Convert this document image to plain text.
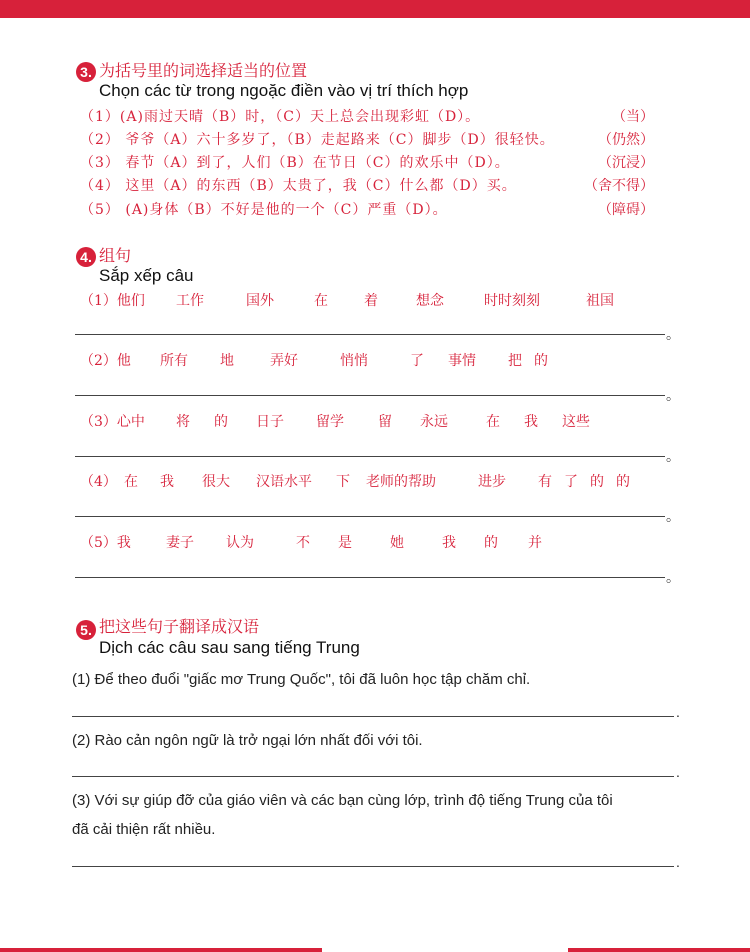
3. 为括号里的词选择适当的位置
Chọn các từ trong ngoặc điền vào vị trí thích hợp
（1）(A)雨过天晴（B）时，（C）天上总会出现彩虹（D）。	（当）
（2） 爷爷（A）六十多岁了，（B）走起路来（C）脚步（D）很轻快。	（仍然）
（3） 春节（A）到了，人们（B）在节日（C）的欢乐中（D）。	（沉浸）
（4） 这里（A）的东西（B）太贵了，我（C）什么都（D）买。	（舍不得）
（5） (A)身体（B）不好是他的一个（C）严重（D）。	（障碍）
4. 组句
Sắp xếp câu
（1）他们 工作	国外	在	着	想念	时时刻刻	祖国
。
（2）他 所有 地	弄好	悄悄	了 事情 把 的
。
（3）心中 将 的 日子 留学 留 永远	在 我 这些
。
（4） 在 我 很大 汉语水平 下 老师的帮助	进步 有 了 的 的
。
（5）我	妻子 认为	不 是	她	我 的 并
。
5. 把这些句子翻译成汉语
Dịch các câu sau sang tiếng Trung
(1) Để theo đuổi "giấc mơ Trung Quốc", tôi đã luôn học tập chăm chỉ.
.
(2) Rào cản ngôn ngữ là trở ngại lớn nhất đối với tôi.
.
(3) Với sự giúp đỡ của giáo viên và các bạn cùng lớp, trình độ tiếng Trung của tôi
đã cải thiện rất nhiều.
.
